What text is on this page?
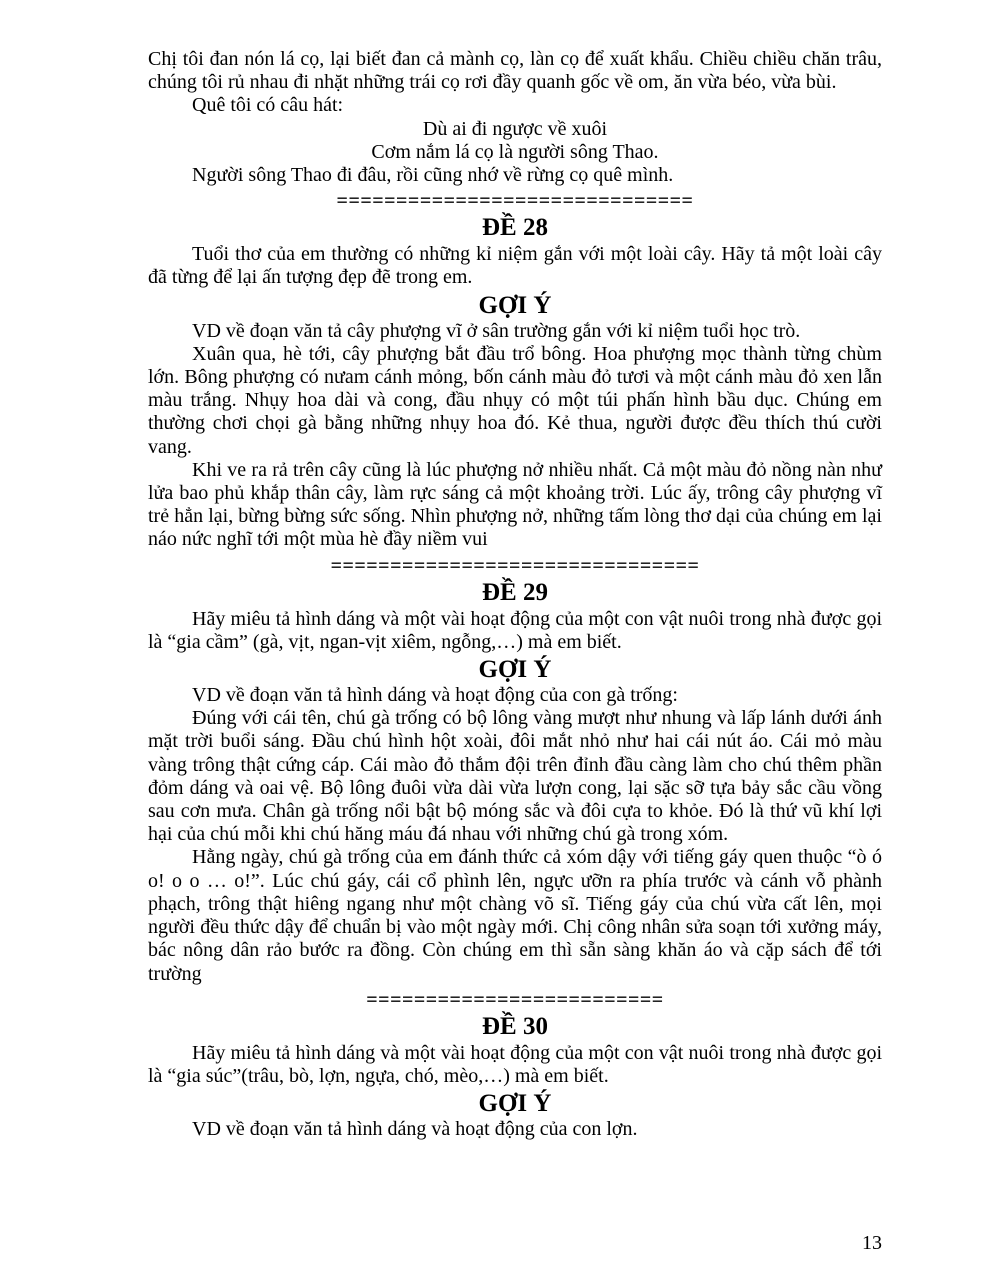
Chị tôi đan nón lá cọ, lại biết đan cả mành cọ, làn cọ để xuất khẩu. Chiều chiều chăn trâu, chúng tôi rủ nhau đi nhặt những trái cọ rơi đầy quanh gốc về om, ăn vừa béo, vừa bùi.

Quê tôi có câu hát:

Dù ai đi ngược về xuôi

Cơm nắm lá cọ là người sông Thao.

Người sông Thao đi đâu, rồi cũng nhớ về rừng cọ quê mình.

==============================
ĐỀ 28

Tuổi thơ của em thường có những kỉ niệm gắn với một loài cây. Hãy tả một loài cây đã từng để lại ấn tượng đẹp đẽ trong em.

GỢI Ý

VD về đoạn văn tả cây phượng vĩ ở sân trường gắn với kỉ niệm tuổi học trò.

Xuân qua, hè tới, cây phượng bắt đầu trổ bông. Hoa phượng mọc thành từng chùm lớn. Bông phượng có nưam cánh mỏng, bốn cánh màu đỏ tươi và một cánh màu đỏ xen lẫn màu trắng. Nhụy hoa dài và cong, đầu nhụy có một túi phấn hình bầu dục. Chúng em thường chơi chọi gà bằng những nhụy hoa đó. Kẻ thua, người được đều thích thú cười vang.

Khi ve ra rả trên cây cũng là lúc phượng nở nhiều nhất. Cả một màu đỏ nồng nàn như lửa bao phủ khắp thân cây, làm rực sáng cả một khoảng trời. Lúc ấy, trông cây phượng vĩ trẻ hẳn lại, bừng bừng sức sống. Nhìn phượng nở, những tấm lòng thơ dại của chúng em lại náo nức nghĩ tới một mùa hè đầy niềm vui

===============================
ĐỀ 29

Hãy miêu tả hình dáng và một vài hoạt động của một con vật nuôi trong nhà được gọi là “gia cầm” (gà, vịt, ngan-vịt xiêm, ngỗng,…) mà em biết.

GỢI Ý

VD về đoạn văn tả hình dáng và hoạt động của con gà trống:

Đúng với cái tên, chú gà trống có bộ lông vàng mượt như nhung và lấp lánh dưới ánh mặt trời buổi sáng. Đầu chú hình hột xoài, đôi mắt nhỏ như hai cái nút áo. Cái mỏ màu vàng trông thật cứng cáp. Cái mào đỏ thắm đội trên đỉnh đầu càng làm cho chú thêm phần đỏm dáng và oai vệ. Bộ lông đuôi vừa dài vừa lượn cong, lại sặc sỡ tựa bảy sắc cầu vồng sau cơn mưa. Chân gà trống nổi bật bộ móng sắc và đôi cựa to khỏe. Đó là thứ vũ khí lợi hại của chú mỗi khi chú hăng máu đá nhau với những chú gà trong xóm.

Hằng ngày, chú gà trống của em đánh thức cả xóm dậy với tiếng gáy quen thuộc “ò ó o! o o … o!”. Lúc chú gáy, cái cổ phình lên, ngực ưỡn ra phía trước và cánh vỗ phành phạch, trông thật hiêng ngang như một chàng võ sĩ. Tiếng gáy của chú vừa cất lên, mọi người đều thức dậy để chuẩn bị vào một ngày mới. Chị công nhân sửa soạn tới xưởng máy, bác nông dân rảo bước ra đồng. Còn chúng em thì sẵn sàng khăn áo và cặp sách để tới trường

=========================
ĐỀ 30

Hãy miêu tả hình dáng và một vài hoạt động của một con vật nuôi trong nhà được gọi là “gia súc”(trâu, bò, lợn, ngựa, chó, mèo,…) mà em biết.

GỢI Ý

VD về đoạn văn tả hình dáng và hoạt động của con lợn.

13
